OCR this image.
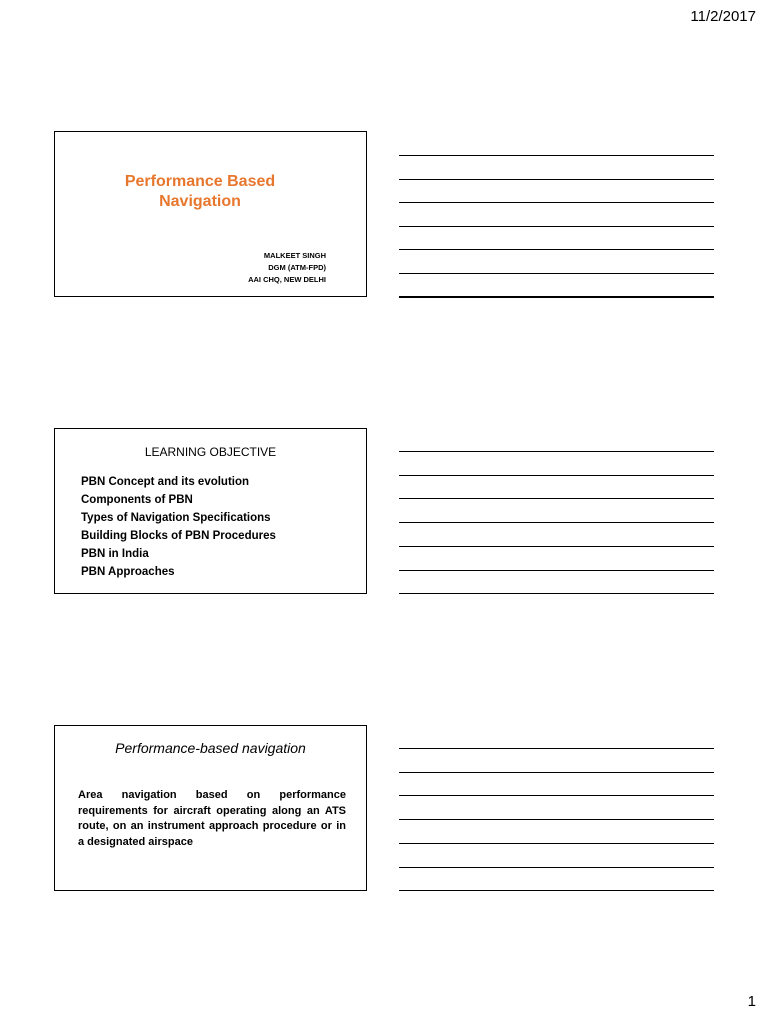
11/2/2017
Performance Based
Navigation
MALKEET SINGH
DGM (ATM-FPD)
AAI CHQ, NEW DELHI
LEARNING OBJECTIVE
PBN Concept and its evolution
Components of PBN
Types of Navigation Specifications
Building Blocks of PBN Procedures
PBN in India
PBN Approaches
Performance-based navigation
Area navigation based on performance requirements for aircraft operating along an ATS route, on an instrument approach procedure or in a designated airspace
1
